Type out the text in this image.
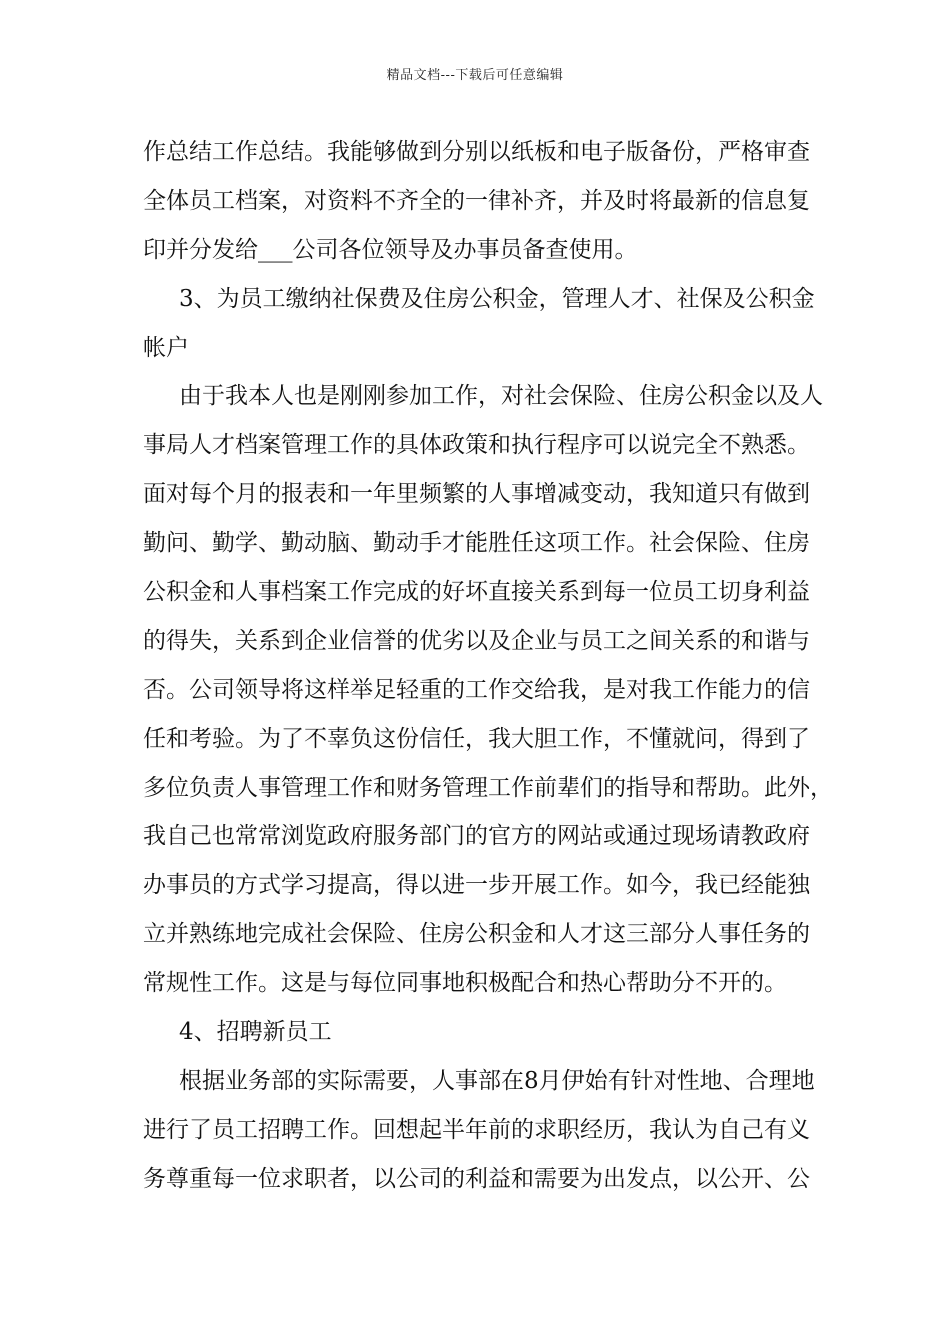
精品文档---下载后可任意编辑
作总结工作总结。我能够做到分别以纸板和电子版备份，严格审查
全体员工档案，对资料不齐全的一律补齐，并及时将最新的信息复
印并分发给___公司各位领导及办事员备查使用。
3、为员工缴纳社保费及住房公积金，管理人才、社保及公积金
帐户
由于我本人也是刚刚参加工作，对社会保险、住房公积金以及人
事局人才档案管理工作的具体政策和执行程序可以说完全不熟悉。
面对每个月的报表和一年里频繁的人事增减变动，我知道只有做到
勤问、勤学、勤动脑、勤动手才能胜任这项工作。社会保险、住房
公积金和人事档案工作完成的好坏直接关系到每一位员工切身利益
的得失，关系到企业信誉的优劣以及企业与员工之间关系的和谐与
否。公司领导将这样举足轻重的工作交给我，是对我工作能力的信
任和考验。为了不辜负这份信任，我大胆工作，不懂就问，得到了
多位负责人事管理工作和财务管理工作前辈们的指导和帮助。此外，
我自己也常常浏览政府服务部门的官方的网站或通过现场请教政府
办事员的方式学习提高，得以进一步开展工作。如今，我已经能独
立并熟练地完成社会保险、住房公积金和人才这三部分人事任务的
常规性工作。这是与每位同事地积极配合和热心帮助分不开的。
4、招聘新员工
根据业务部的实际需要，人事部在8月伊始有针对性地、合理地
进行了员工招聘工作。回想起半年前的求职经历，我认为自己有义
务尊重每一位求职者，以公司的利益和需要为出发点，以公开、公
